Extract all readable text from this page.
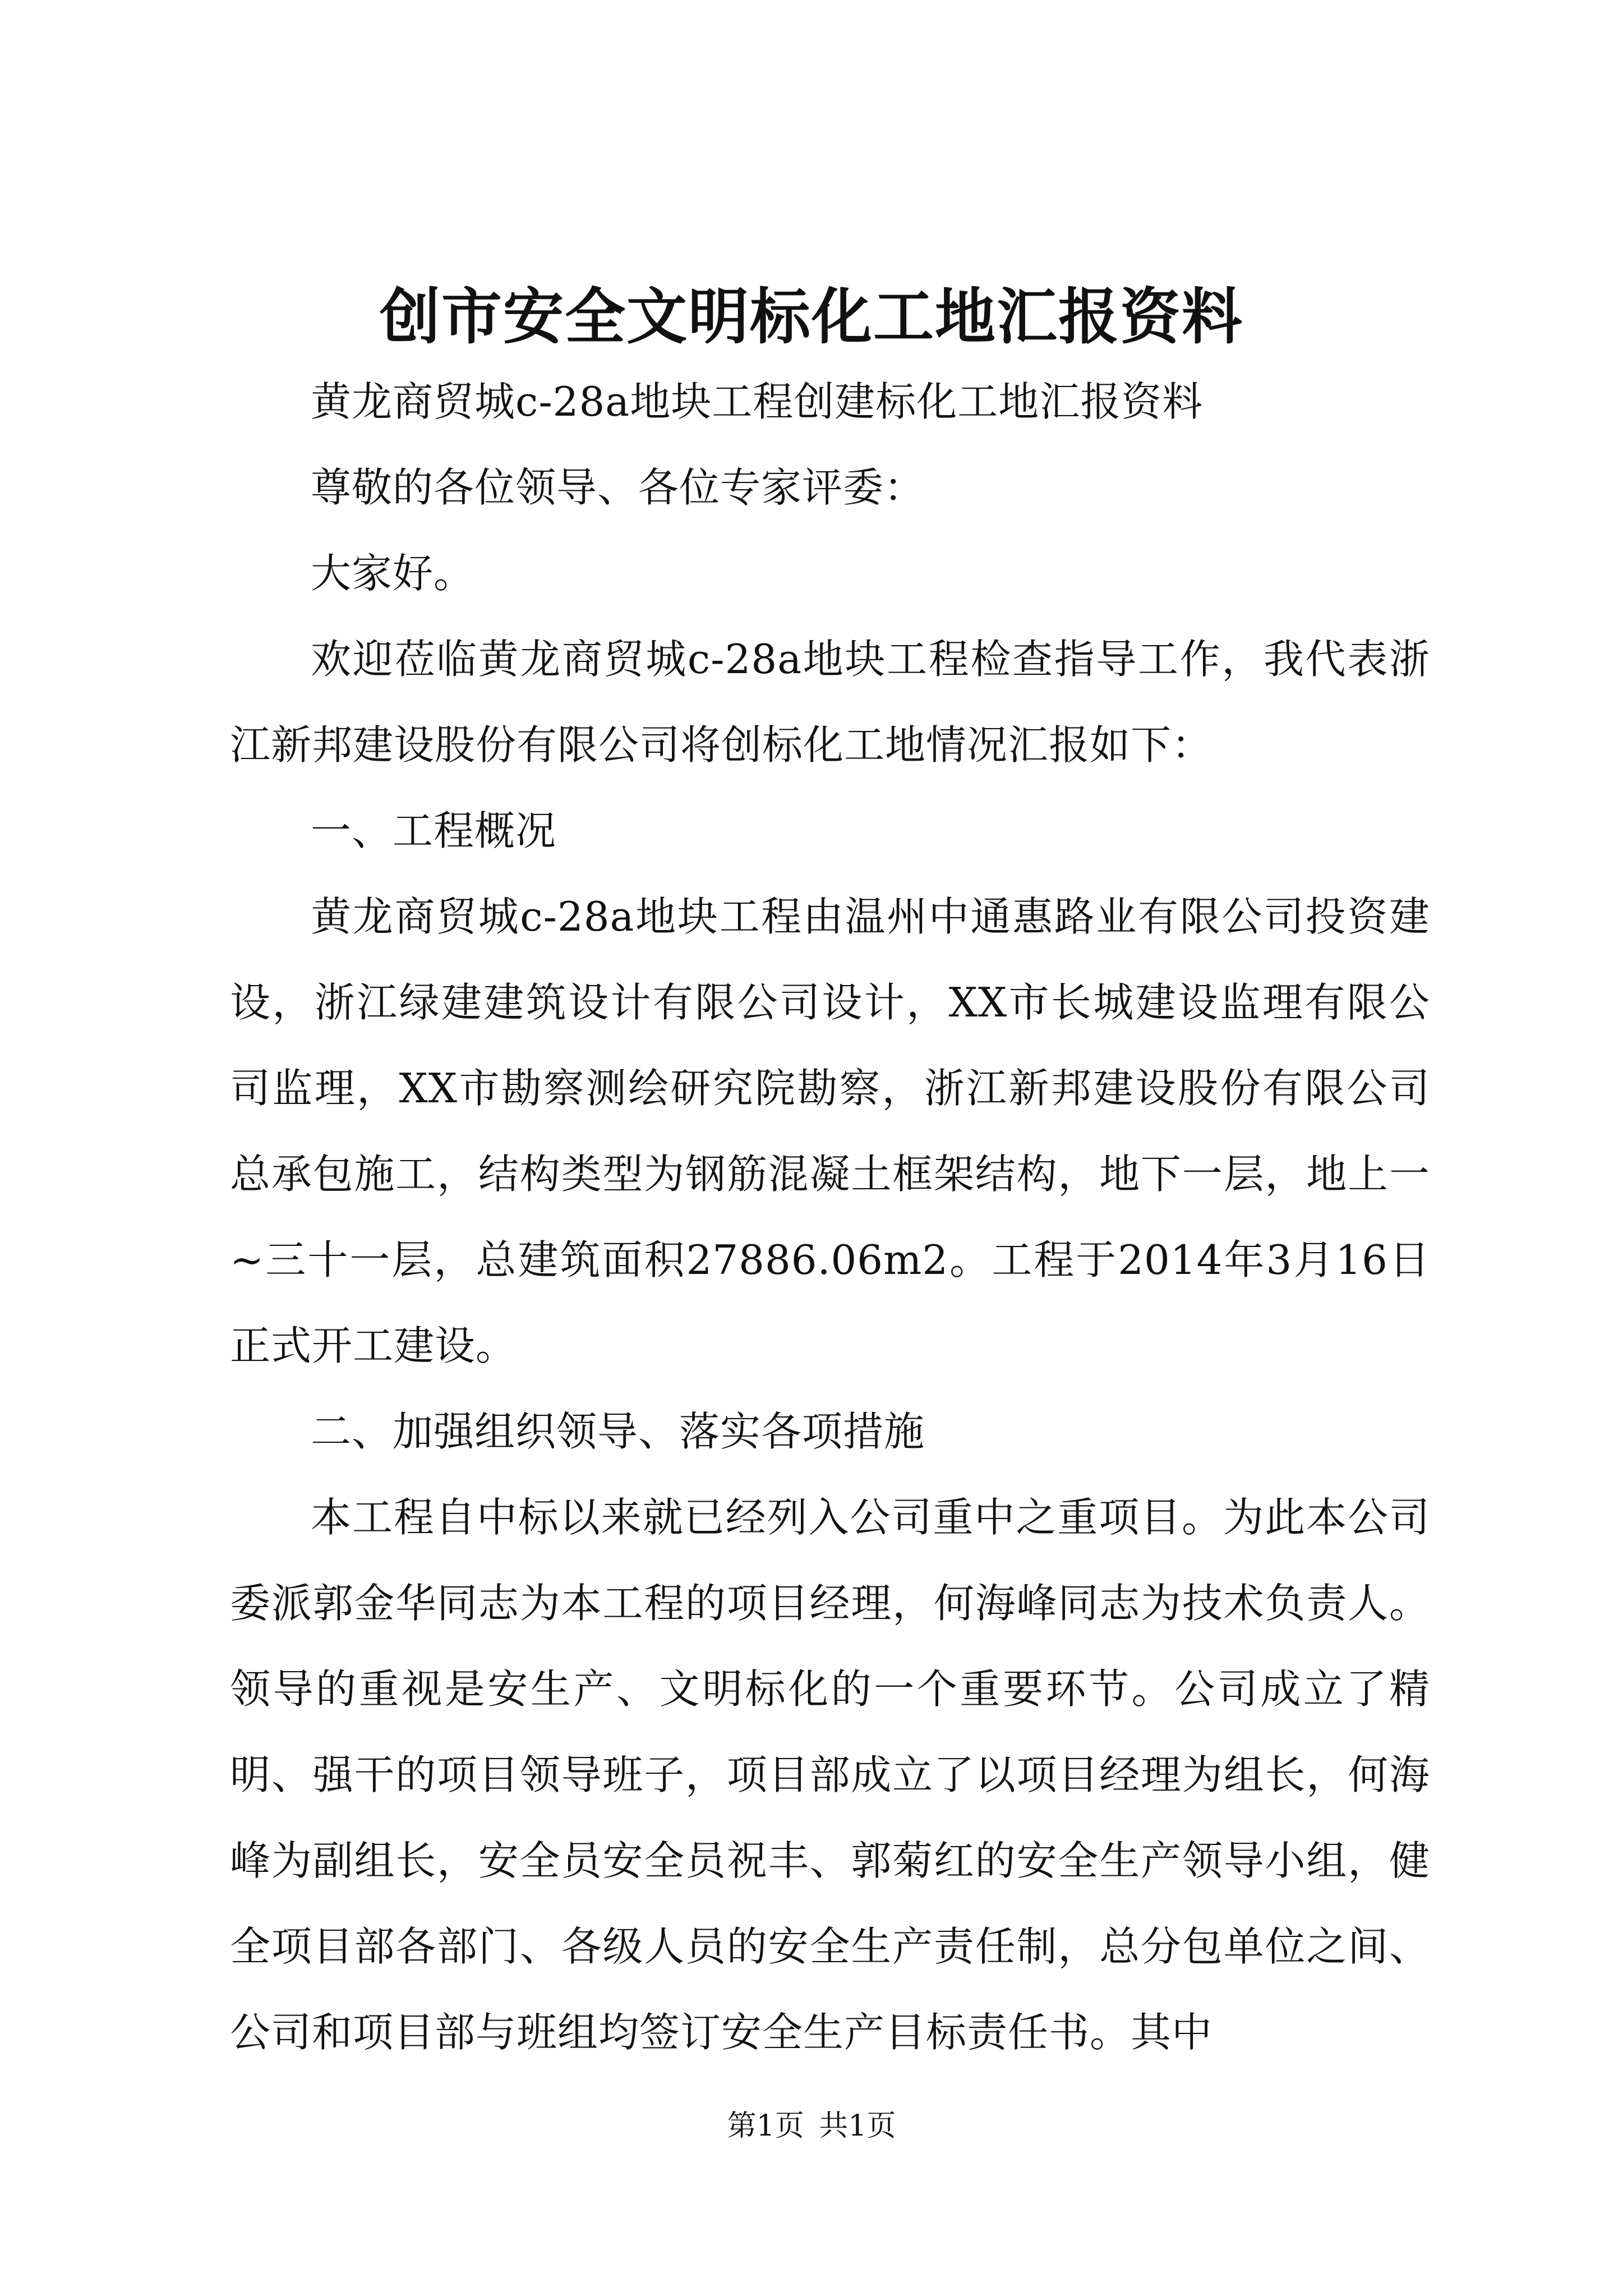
创市安全文明标化工地汇报资料

黄龙商贸城c-28a地块工程创建标化工地汇报资料

尊敬的各位领导、各位专家评委：

大家好。

欢迎莅临黄龙商贸城c-28a地块工程检查指导工作，我代表浙江新邦建设股份有限公司将创标化工地情况汇报如下：

一、工程概况

黄龙商贸城c-28a地块工程由温州中通惠路业有限公司投资建设，浙江绿建建筑设计有限公司设计，XX市长城建设监理有限公司监理，XX市勘察测绘研究院勘察，浙江新邦建设股份有限公司总承包施工，结构类型为钢筋混凝土框架结构，地下一层，地上一~三十一层，总建筑面积27886.06m2。工程于2014年3月16日正式开工建设。

二、加强组织领导、落实各项措施

本工程自中标以来就已经列入公司重中之重项目。为此本公司委派郭金华同志为本工程的项目经理，何海峰同志为技术负责人。领导的重视是安生产、文明标化的一个重要环节。公司成立了精明、强干的项目领导班子，项目部成立了以项目经理为组长，何海峰为副组长，安全员安全员祝丰、郭菊红的安全生产领导小组，健全项目部各部门、各级人员的安全生产责任制，总分包单位之间、公司和项目部与班组均签订安全生产目标责任书。其中

第1页 共1页
